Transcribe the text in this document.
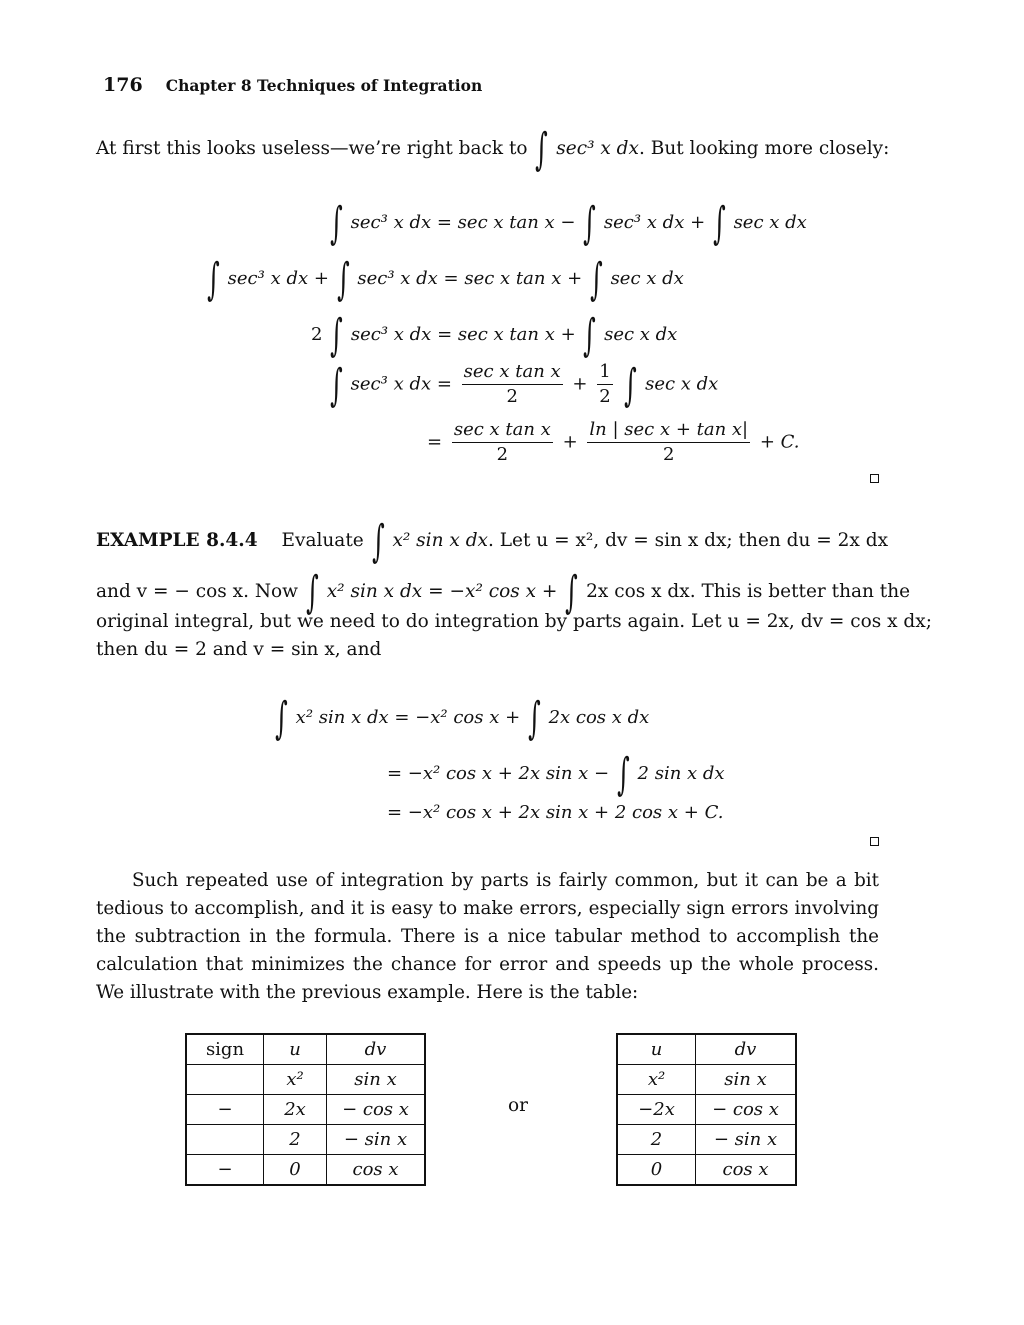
176 Chapter 8 Techniques of Integration
At first this looks useless—we’re right back to ∫ sec³ x dx. But looking more closely:
∫ sec³ x dx = sec x tan x − ∫ sec³ x dx + ∫ sec x dx
∫ sec³ x dx + ∫ sec³ x dx = sec x tan x + ∫ sec x dx
2 ∫ sec³ x dx = sec x tan x + ∫ sec x dx
∫ sec³ x dx = $\frac{\text{sec x tan x}}{2} + \frac{1}{2}$ ∫ sec x dx
= $\frac{\text{sec x tan x}}{2} + \frac{\text{ln | sec x + tan x|}}{2} + C$.
EXAMPLE 8.4.4 Evaluate ∫ x² sin x dx. Let u = x², dv = sin x dx; then du = 2x dx
and v = − cos x. Now ∫ x² sin x dx = −x² cos x + ∫ 2x cos x dx. This is better than the
original integral, but we need to do integration by parts again. Let u = 2x, dv = cos x dx;
then du = 2 and v = sin x, and
∫ x² sin x dx = −x² cos x + ∫ 2x cos x dx
= −x² cos x + 2x sin x − ∫ 2 sin x dx
= −x² cos x + 2x sin x + 2 cos x + C.
Such repeated use of integration by parts is fairly common, but it can be a bit tedious to accomplish, and it is easy to make errors, especially sign errors involving the subtraction in the formula. There is a nice tabular method to accomplish the calculation that minimizes the chance for error and speeds up the whole process. We illustrate with the previous example. Here is the table:
sign	u	dv
	x²	sin x
−	2x	− cos x
	2	− sin x
−	0	cos x
or
u	dv
x²	sin x
−2x	− cos x
2	− sin x
0	cos x
